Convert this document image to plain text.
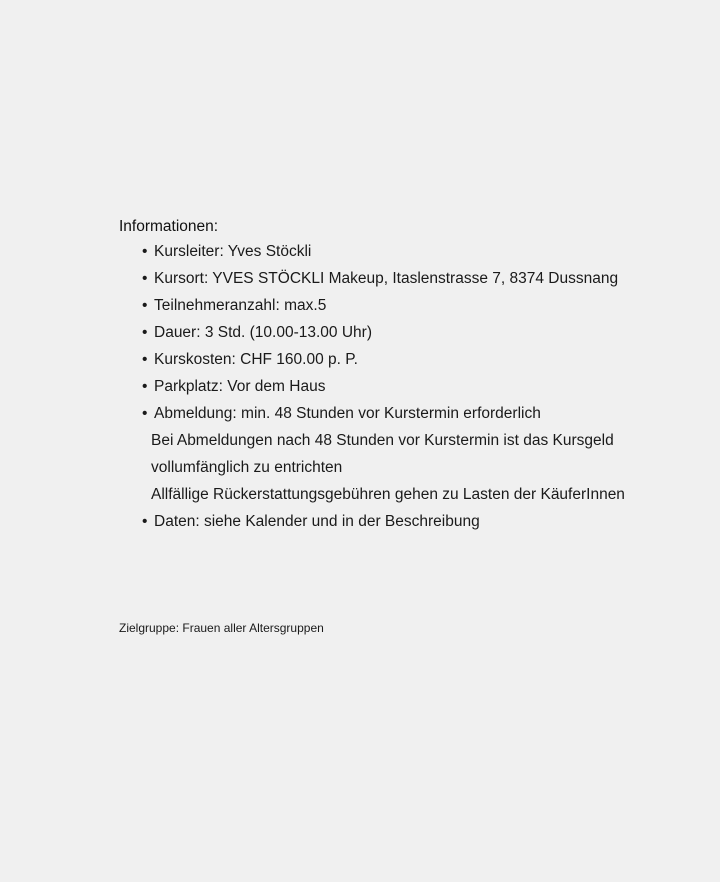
Informationen:
• Kursleiter: Yves Stöckli
• Kursort: YVES STÖCKLI Makeup, Itaslenstrasse 7, 8374 Dussnang
• Teilnehmeranzahl: max.5
• Dauer: 3 Std. (10.00-13.00 Uhr)
• Kurskosten: CHF 160.00 p. P.
• Parkplatz: Vor dem Haus
• Abmeldung: min. 48 Stunden vor Kurstermin erforderlich
Bei Abmeldungen nach 48 Stunden vor Kurstermin ist das Kursgeld
vollumfänglich zu entrichten
Allfällige Rückerstattungsgebühren gehen zu Lasten der KäuferInnen
• Daten: siehe Kalender und in der Beschreibung
Zielgruppe: Frauen aller Altersgruppen
